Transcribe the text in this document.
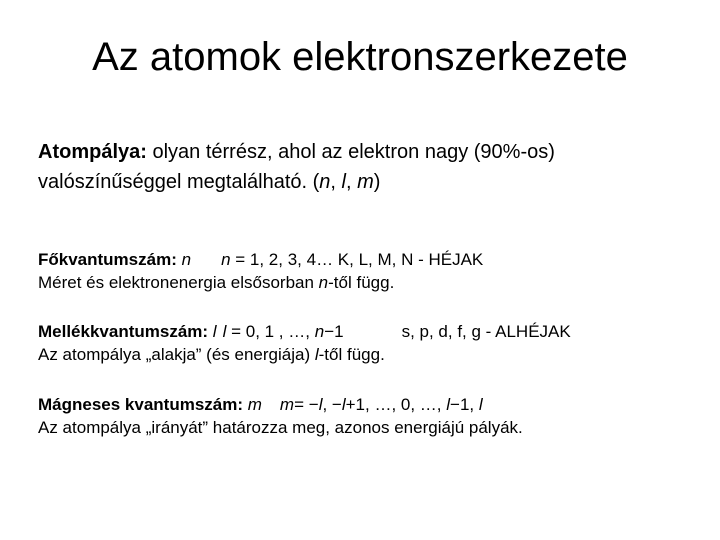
Az atomok elektronszerkezete
Atompálya: olyan térrész, ahol az elektron nagy (90%-os)
valószínűséggel megtalálható. (n, l, m)
Főkvantumszám: n n = 1, 2, 3, 4… K, L, M, N - HÉJAK
Méret és elektronenergia elsősorban n-től függ.
Mellékkvantumszám: l l = 0, 1 , …, n−1	s, p, d, f, g - ALHÉJAK
Az atompálya „alakja” (és energiája) l-től függ.
Mágneses kvantumszám: m m= −l, −l+1, …, 0, …, l−1, l
Az atompálya „irányát” határozza meg, azonos energiájú pályák.
